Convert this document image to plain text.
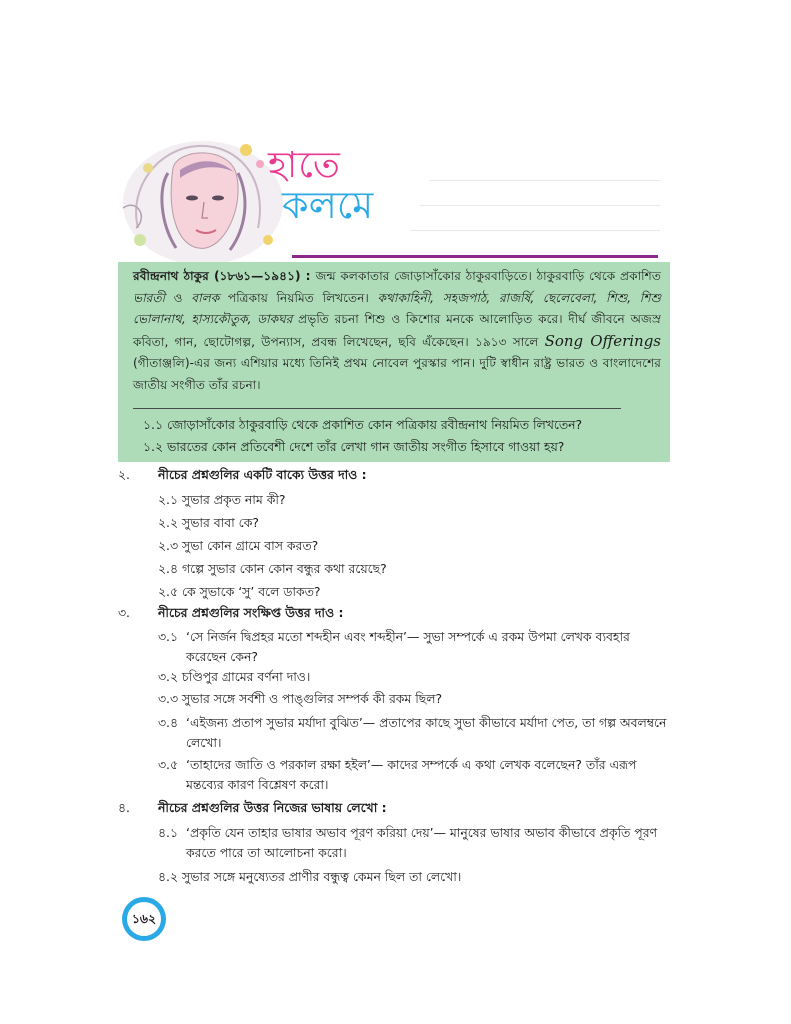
হাতে
কলমে
রবীন্দ্রনাথ ঠাকুর (১৮৬১—১৯৪১) : জন্ম কলকাতার জোড়াসাঁকোর ঠাকুরবাড়িতে। ঠাকুরবাড়ি থেকে প্রকাশিত ভারতী ও বালক পত্রিকায় নিয়মিত লিখতেন। কথাকাহিনী, সহজপাঠ, রাজর্ষি, ছেলেবেলা, শিশু, শিশু ভোলানাথ, হাস্যকৌতুক, ডাকঘর প্রভৃতি রচনা শিশু ও কিশোর মনকে আলোড়িত করে। দীর্ঘ জীবনে অজস্র কবিতা, গান, ছোটোগল্প, উপন্যাস, প্রবন্ধ লিখেছেন, ছবি এঁকেছেন। ১৯১৩ সালে Song Offerings (গীতাঞ্জলি)-এর জন্য এশিয়ার মধ্যে তিনিই প্রথম নোবেল পুরস্কার পান। দুটি স্বাধীন রাষ্ট্র ভারত ও বাংলাদেশের জাতীয় সংগীত তাঁর রচনা।
১.১ জোড়াসাঁকোর ঠাকুরবাড়ি থেকে প্রকাশিত কোন পত্রিকায় রবীন্দ্রনাথ নিয়মিত লিখতেন?
১.২ ভারতের কোন প্রতিবেশী দেশে তাঁর লেখা গান জাতীয় সংগীত হিসাবে গাওয়া হয়?
২. নীচের প্রশ্নগুলির একটি বাক্যে উত্তর দাও :
২.১ সুভার প্রকৃত নাম কী?
২.২ সুভার বাবা কে?
২.৩ সুভা কোন গ্রামে বাস করত?
২.৪ গল্পে সুভার কোন কোন বন্ধুর কথা রয়েছে?
২.৫ কে সুভাকে ‘সু’ বলে ডাকত?
৩. নীচের প্রশ্নগুলির সংক্ষিপ্ত উত্তর দাও :
৩.১ ‘সে নির্জন দ্বিপ্রহর মতো শব্দহীন এবং শব্দহীন’— সুভা সম্পর্কে এ রকম উপমা লেখক ব্যবহার করেছেন কেন?
৩.২ চণ্ডিপুর গ্রামের বর্ণনা দাও।
৩.৩ সুভার সঙ্গে সর্বশী ও পাঙ্গুলির সম্পর্ক কী রকম ছিল?
৩.৪ ‘এইজন্য প্রতাপ সুভার মর্যাদা বুঝিত’— প্রতাপের কাছে সুভা কীভাবে মর্যাদা পেত, তা গল্প অবলম্বনে লেখো।
৩.৫ ‘তাহাদের জাতি ও পরকাল রক্ষা হইল’— কাদের সম্পর্কে এ কথা লেখক বলেছেন? তাঁর এরূপ মন্তব্যের কারণ বিশ্লেষণ করো।
৪. নীচের প্রশ্নগুলির উত্তর নিজের ভাষায় লেখো :
৪.১ ‘প্রকৃতি যেন তাহার ভাষার অভাব পূরণ করিয়া দেয়’— মানুষের ভাষার অভাব কীভাবে প্রকৃতি পূরণ করতে পারে তা আলোচনা করো।
৪.২ সুভার সঙ্গে মনুষ্যেতর প্রাণীর বন্ধুত্ব কেমন ছিল তা লেখো।
১৬২
